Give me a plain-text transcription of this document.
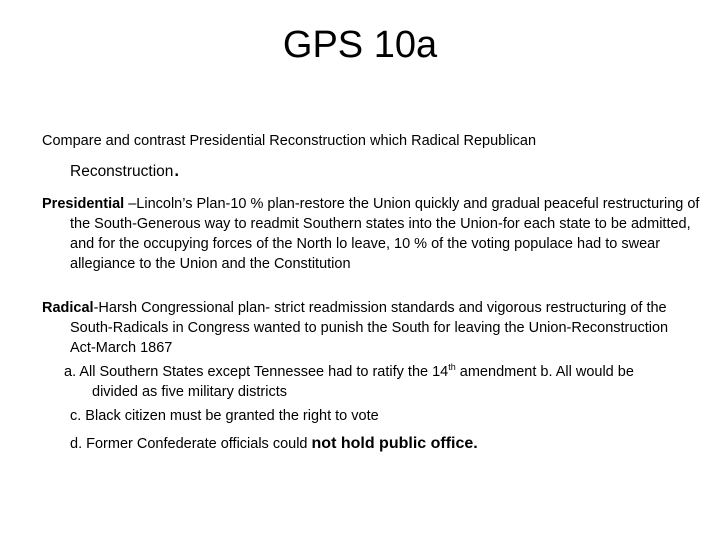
GPS 10a
Compare and contrast Presidential Reconstruction which Radical Republican
Reconstruction.
Presidential –Lincoln’s Plan-10 % plan-restore the Union quickly and gradual peaceful restructuring of the South-Generous way to readmit Southern states into the Union-for each state to be admitted, and for the occupying forces of the North lo leave, 10 % of the voting populace had to swear allegiance to the Union and the Constitution
Radical-Harsh Congressional plan- strict readmission standards and vigorous restructuring of the South-Radicals in Congress wanted to punish the South for leaving the Union-Reconstruction Act-March 1867
a. All Southern States except Tennessee had to ratify the 14th amendment b. All would be divided as five military districts
c. Black citizen must be granted the right to vote
d. Former Confederate officials could not hold public office.
